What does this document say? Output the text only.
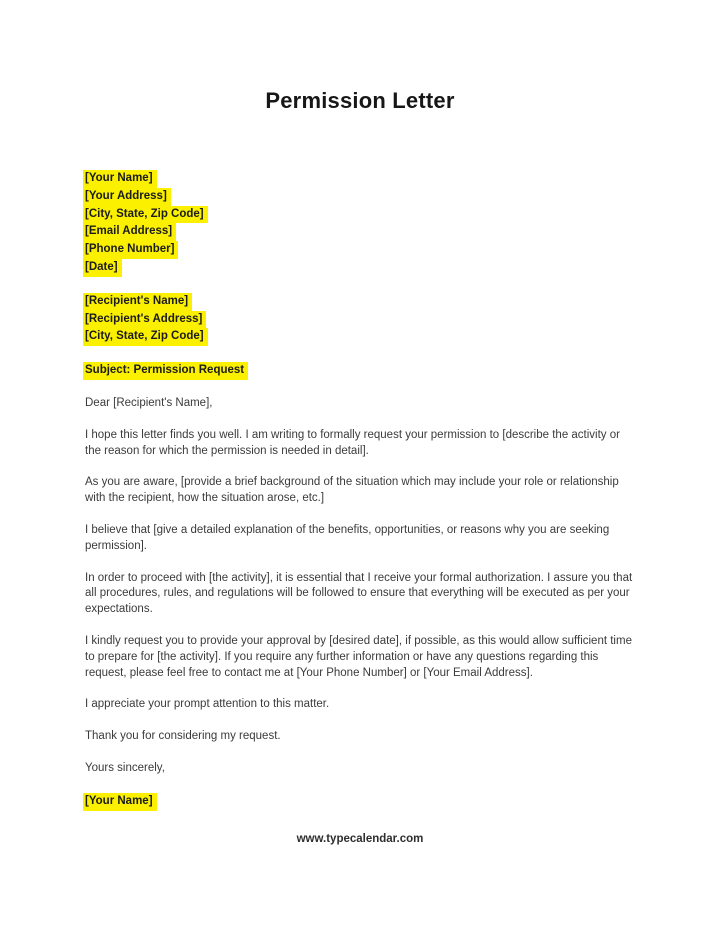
Permission Letter
[Your Name]
[Your Address]
[City, State, Zip Code]
[Email Address]
[Phone Number]
[Date]
[Recipient's Name]
[Recipient's Address]
[City, State, Zip Code]
Subject: Permission Request

Dear [Recipient's Name],

I hope this letter finds you well. I am writing to formally request your permission to [describe the activity or the reason for which the permission is needed in detail].

As you are aware, [provide a brief background of the situation which may include your role or relationship with the recipient, how the situation arose, etc.]

I believe that [give a detailed explanation of the benefits, opportunities, or reasons why you are seeking permission].

In order to proceed with [the activity], it is essential that I receive your formal authorization. I assure you that all procedures, rules, and regulations will be followed to ensure that everything will be executed as per your expectations.

I kindly request you to provide your approval by [desired date], if possible, as this would allow sufficient time to prepare for [the activity]. If you require any further information or have any questions regarding this request, please feel free to contact me at [Your Phone Number] or [Your Email Address].

I appreciate your prompt attention to this matter.

Thank you for considering my request.

Yours sincerely,

[Your Name]
www.typecalendar.com
